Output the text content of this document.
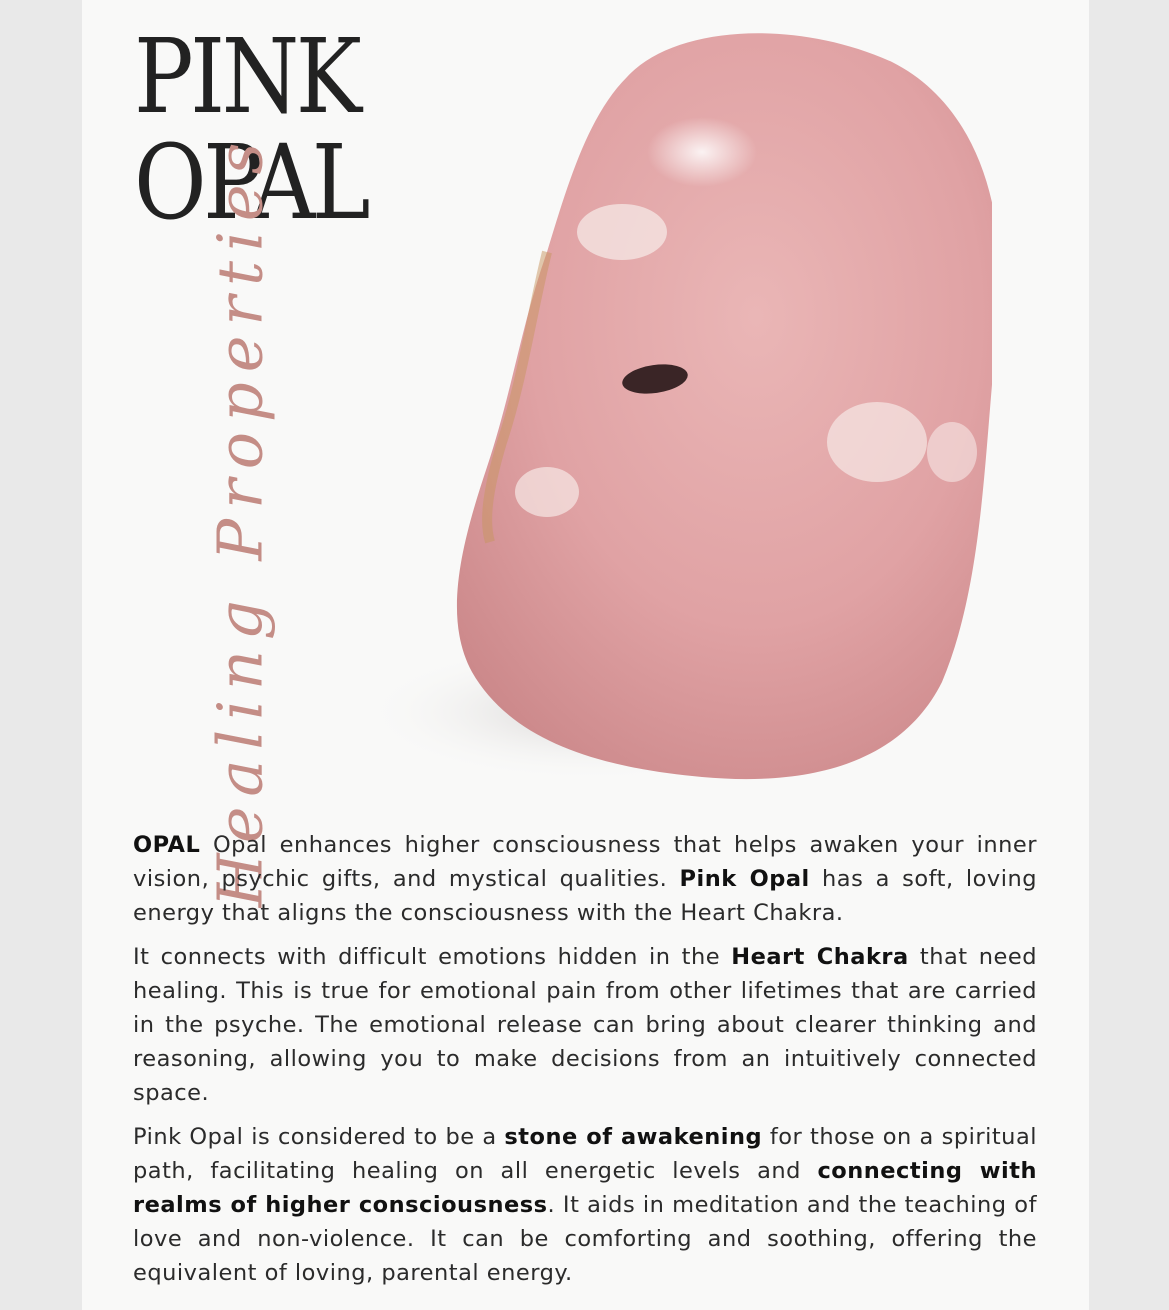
PINK
OPAL
Healing Properties

OPAL Opal enhances higher consciousness that helps awaken your inner vision, psychic gifts, and mystical qualities. Pink Opal has a soft, loving energy that aligns the consciousness with the Heart Chakra.

It connects with difficult emotions hidden in the Heart Chakra that need healing. This is true for emotional pain from other lifetimes that are carried in the psyche. The emotional release can bring about clearer thinking and reasoning, allowing you to make decisions from an intuitively connected space.

Pink Opal is considered to be a stone of awakening for those on a spiritual path, facilitating healing on all energetic levels and connecting with realms of higher consciousness. It aids in meditation and the teaching of love and non-violence. It can be comforting and soothing, offering the equivalent of loving, parental energy.
